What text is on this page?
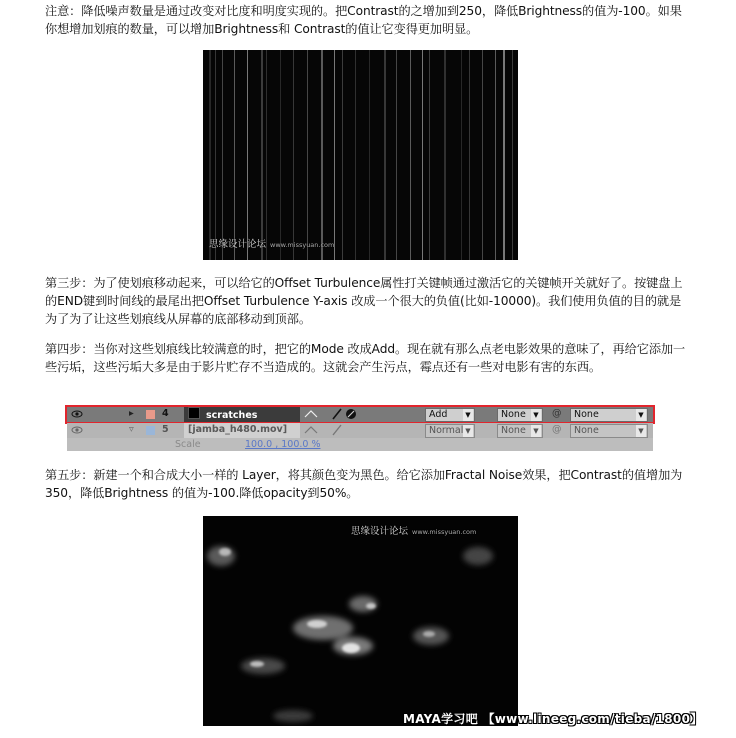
注意：降低噪声数量是通过改变对比度和明度实现的。把Contrast的之增加到250，降低Brightness的值为-100。如果你想增加划痕的数量，可以增加Brightness和 Contrast的值让它变得更加明显。

思缘设计论坛 www.missyuan.com

第三步：为了使划痕移动起来，可以给它的Offset Turbulence属性打关键帧通过激活它的关键帧开关就好了。按键盘上的END键到时间线的最尾出把Offset Turbulence Y-axis 改成一个很大的负值(比如-10000)。我们使用负值的目的就是为了为了让这些划痕线从屏幕的底部移动到顶部。

第四步：当你对这些划痕线比较满意的时，把它的Mode 改成Add。现在就有那么点老电影效果的意味了，再给它添加一些污垢，这些污垢大多是由于影片贮存不当造成的。这就会产生污点，霉点还有一些对电影有害的东西。

▸	4	scratches	Add	▼	None	▼ @	None	▼
▿	5	[jamba_h480.mov]	Normal ▼	None	▼ @	None	▼
Scale	100.0 , 100.0 %

第五步：新建一个和合成大小一样的 Layer，将其颜色变为黑色。给它添加Fractal Noise效果，把Contrast的值增加为350，降低Brightness 的值为-100.降低opacity到50%。

思缘设计论坛 www.missyuan.com
MAYA学习吧 【www.lineeg.com/tieba/1800】
